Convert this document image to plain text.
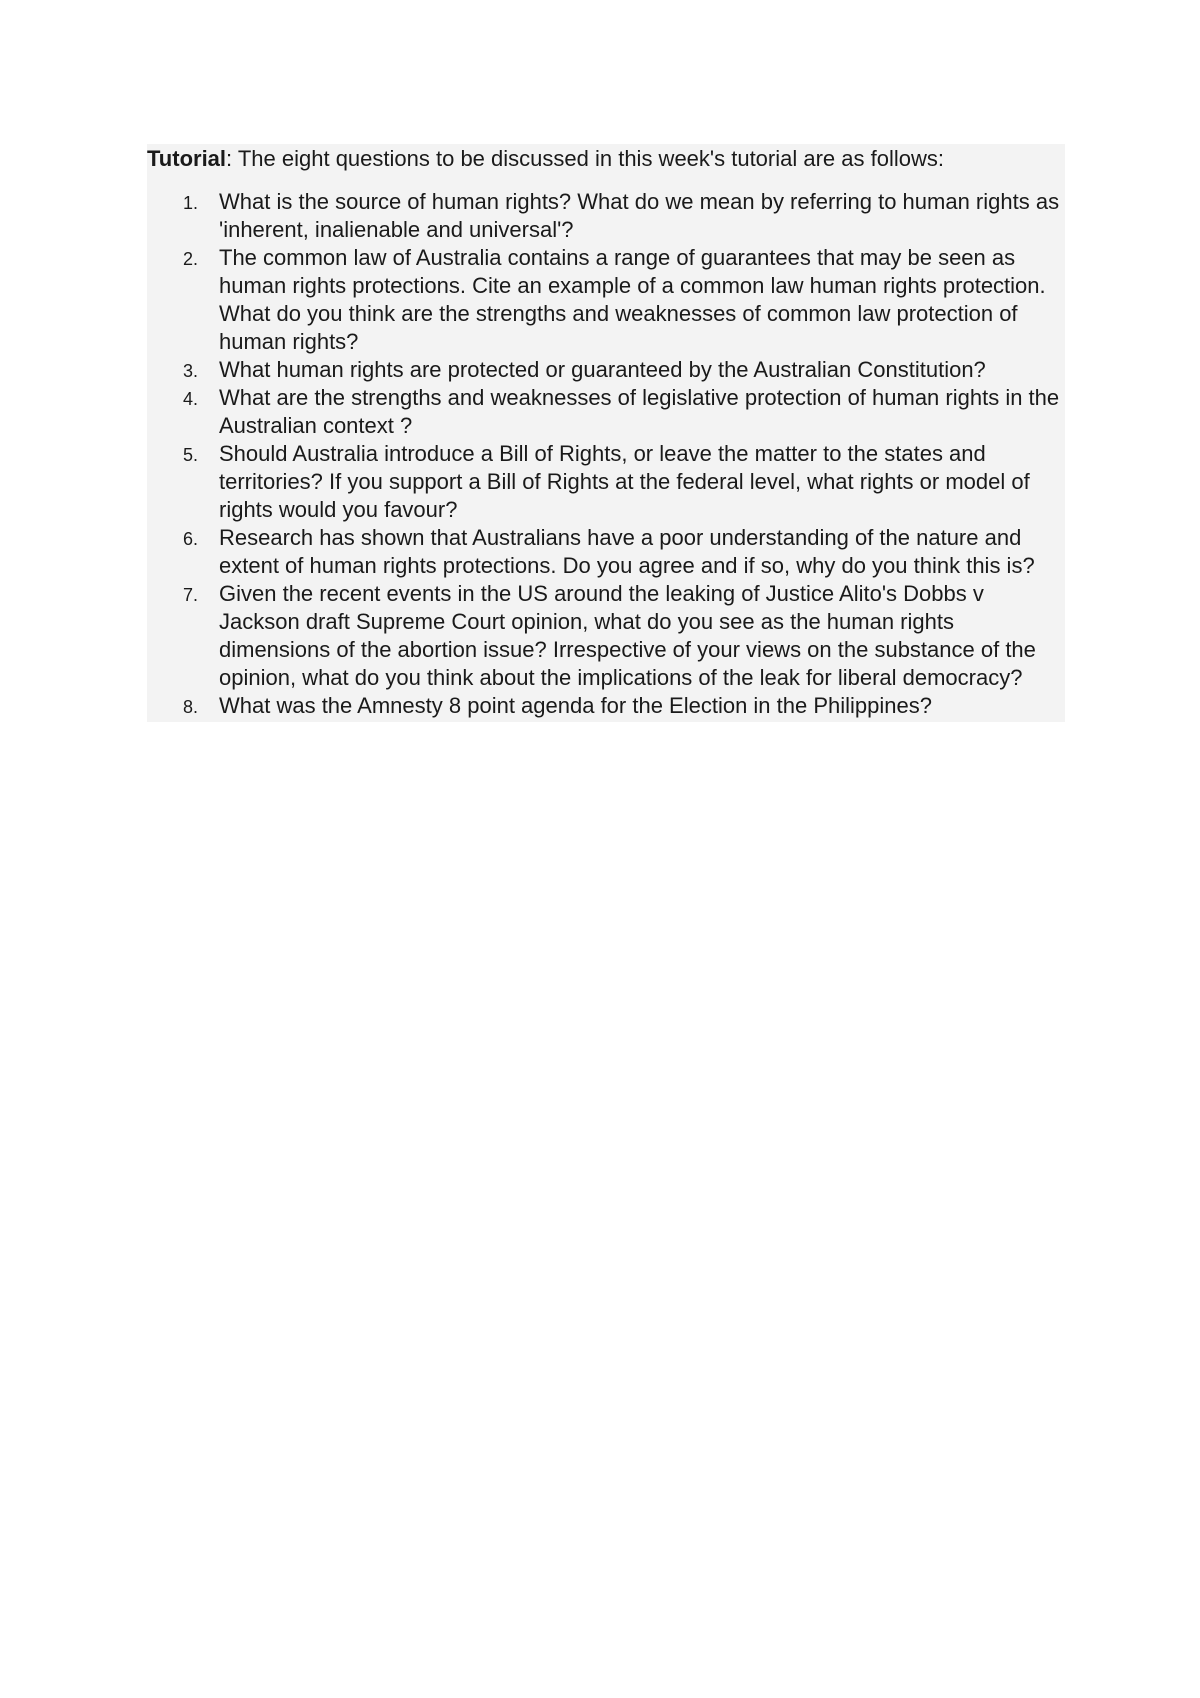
Tutorial: The eight questions to be discussed in this week's tutorial are as follows:

1. What is the source of human rights? What do we mean by referring to human rights as 'inherent, inalienable and universal'?
2. The common law of Australia contains a range of guarantees that may be seen as human rights protections. Cite an example of a common law human rights protection. What do you think are the strengths and weaknesses of common law protection of human rights?
3. What human rights are protected or guaranteed by the Australian Constitution?
4. What are the strengths and weaknesses of legislative protection of human rights in the Australian context ?
5. Should Australia introduce a Bill of Rights, or leave the matter to the states and territories? If you support a Bill of Rights at the federal level, what rights or model of rights would you favour?
6. Research has shown that Australians have a poor understanding of the nature and extent of human rights protections. Do you agree and if so, why do you think this is?
7. Given the recent events in the US around the leaking of Justice Alito's Dobbs v Jackson draft Supreme Court opinion, what do you see as the human rights dimensions of the abortion issue? Irrespective of your views on the substance of the opinion, what do you think about the implications of the leak for liberal democracy?
8. What was the Amnesty 8 point agenda for the Election in the Philippines?
